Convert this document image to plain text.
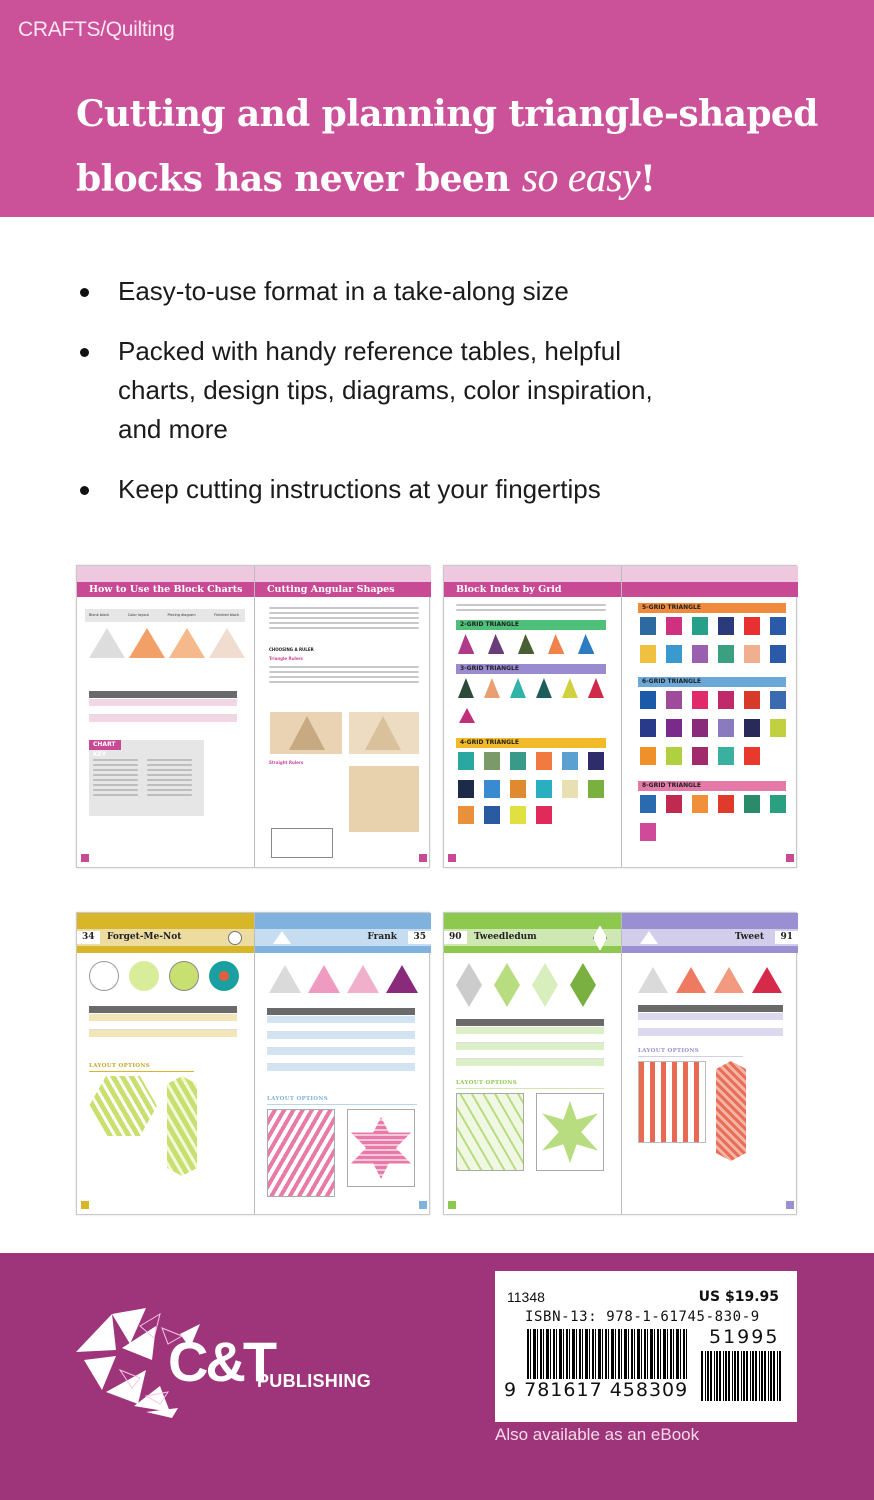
CRAFTS/Quilting
Cutting and planning triangle-shaped
blocks has never been so easy!
Easy-to-use format in a take-along size
Packed with handy reference tables, helpful charts, design tips, diagrams, color inspiration, and more
Keep cutting instructions at your fingertips
How to Use the Block Charts
Blank block	Color layout	Piecing diagram	Finished block
CHART KEY
Cutting Angular Shapes
CHOOSING A RULER
Triangle Rulers
Straight Rulers
Block Index by Grid
2-GRID TRIANGLE
3-GRID TRIANGLE
4-GRID TRIANGLE
5-GRID TRIANGLE
6-GRID TRIANGLE
8-GRID TRIANGLE
34	Forget-Me-Not
LAYOUT OPTIONS
Frank	35
LAYOUT OPTIONS
90	Tweedledum
LAYOUT OPTIONS
Tweet	91
LAYOUT OPTIONS
C&T
PUBLISHING
11348	US $19.95
ISBN-13: 978-1-61745-830-9
51995
9 781617 458309
Also available as an eBook
